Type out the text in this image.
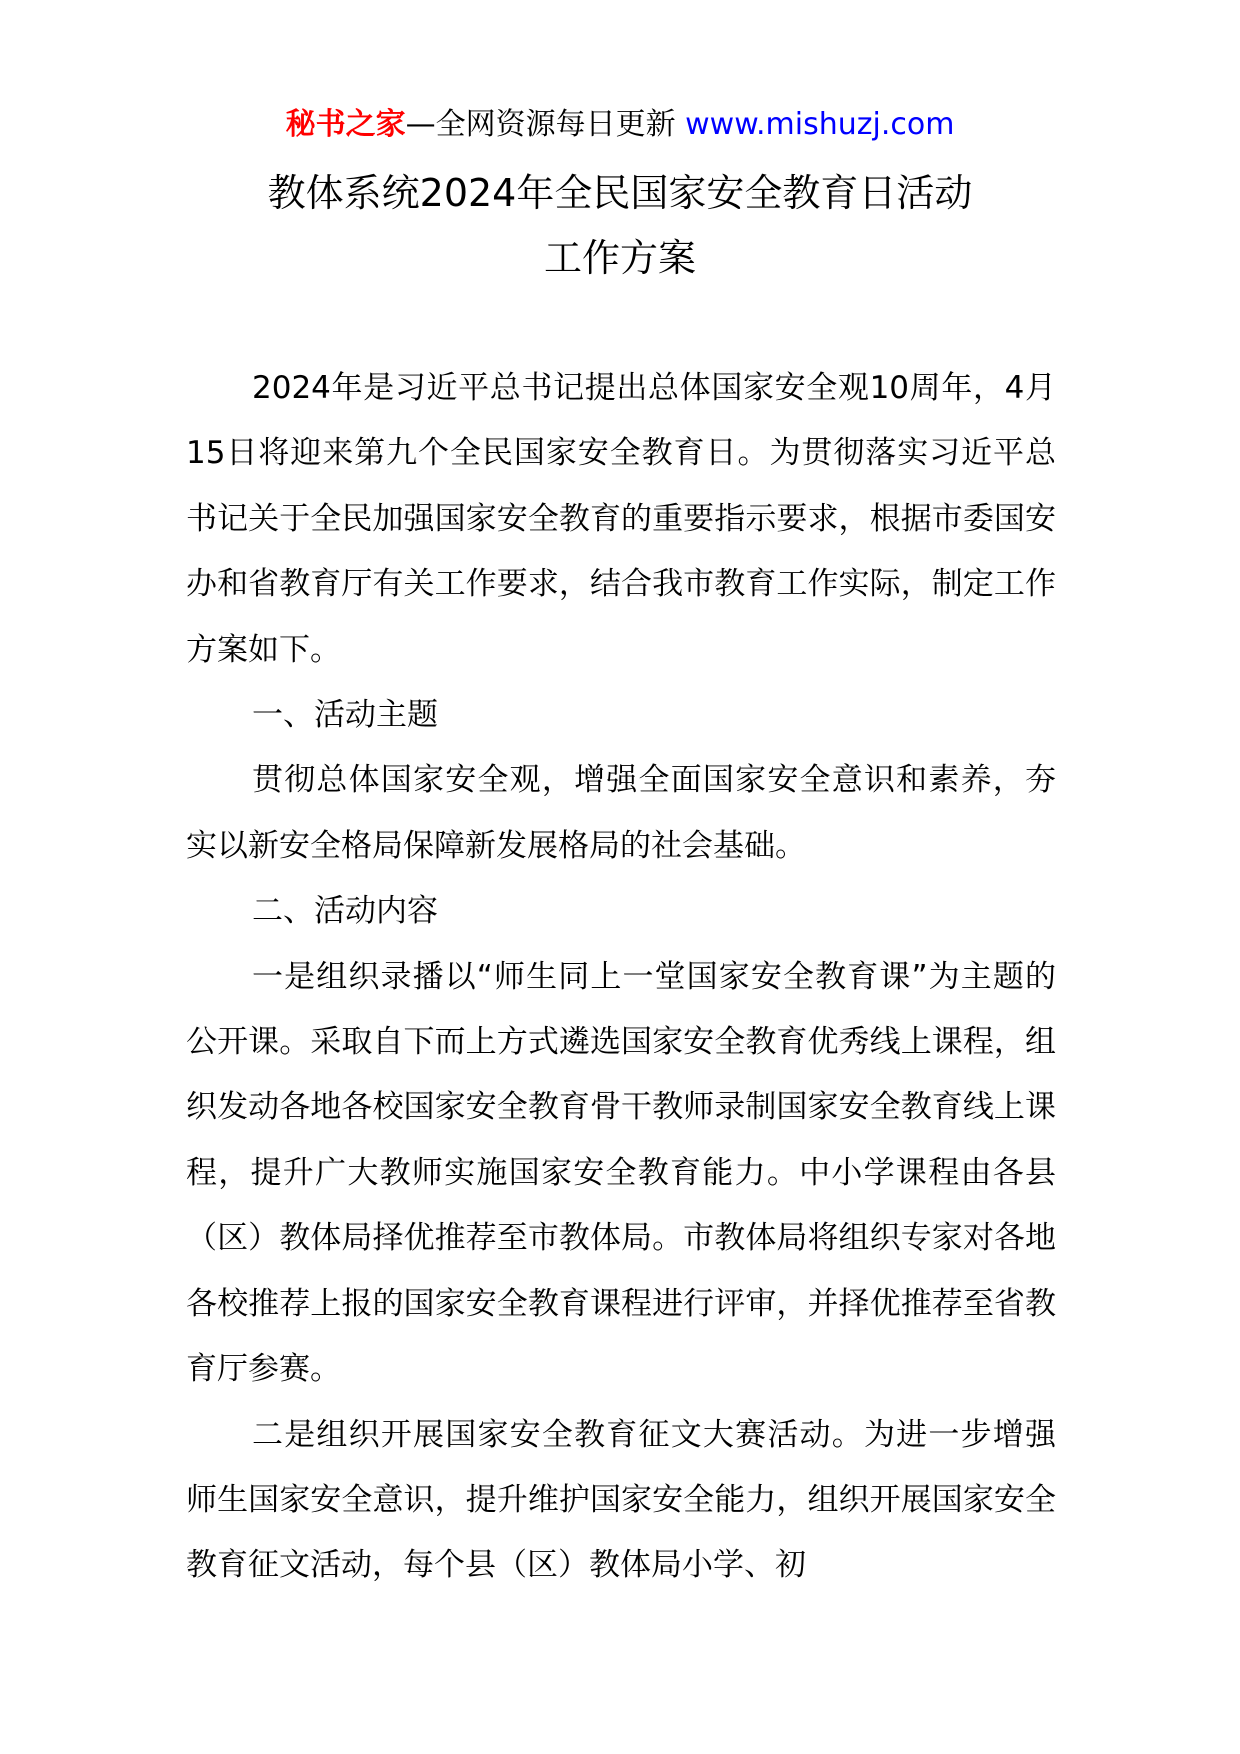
秘书之家—全网资源每日更新 www.mishuzj.com
教体系统2024年全民国家安全教育日活动
工作方案

2024年是习近平总书记提出总体国家安全观10周年，4月15日将迎来第九个全民国家安全教育日。为贯彻落实习近平总书记关于全民加强国家安全教育的重要指示要求，根据市委国安办和省教育厅有关工作要求，结合我市教育工作实际，制定工作方案如下。

一、活动主题

贯彻总体国家安全观，增强全面国家安全意识和素养，夯实以新安全格局保障新发展格局的社会基础。

二、活动内容

一是组织录播以“师生同上一堂国家安全教育课”为主题的公开课。采取自下而上方式遴选国家安全教育优秀线上课程，组织发动各地各校国家安全教育骨干教师录制国家安全教育线上课程，提升广大教师实施国家安全教育能力。中小学课程由各县（区）教体局择优推荐至市教体局。市教体局将组织专家对各地各校推荐上报的国家安全教育课程进行评审，并择优推荐至省教育厅参赛。

二是组织开展国家安全教育征文大赛活动。为进一步增强师生国家安全意识，提升维护国家安全能力，组织开展国家安全教育征文活动，每个县（区）教体局小学、初
